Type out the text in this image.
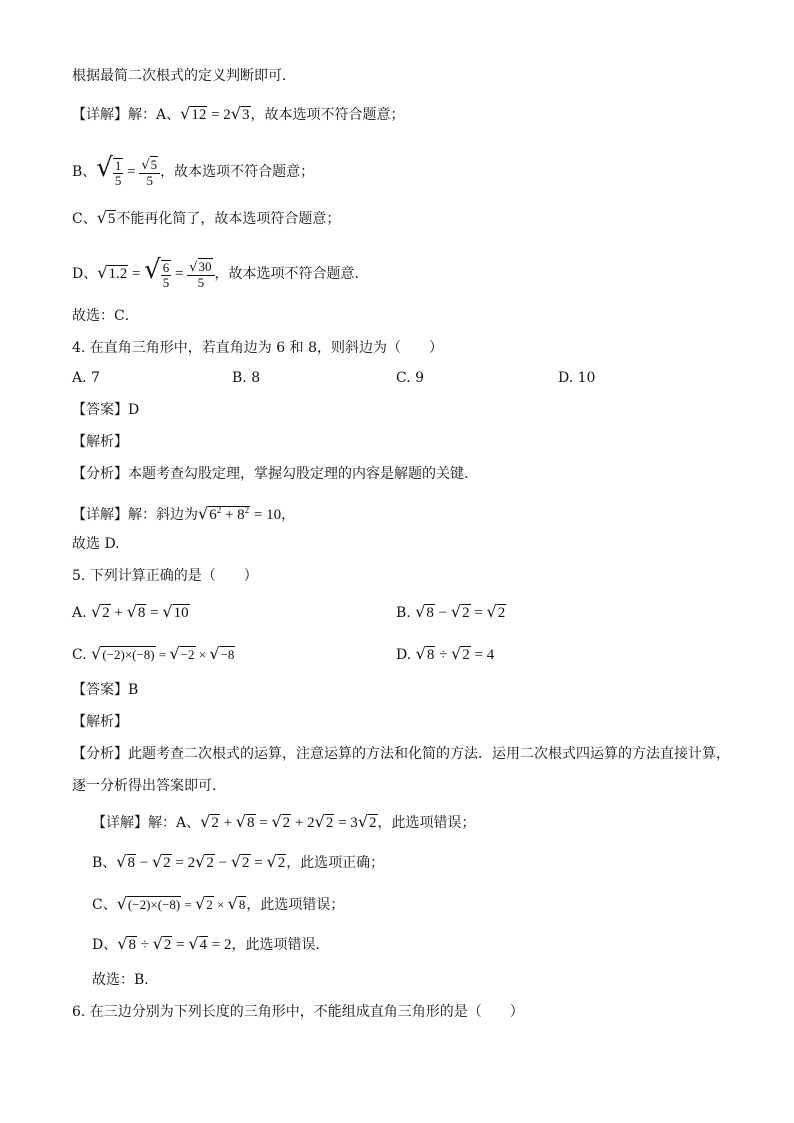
根据最简二次根式的定义判断即可．
【详解】解：A、√12 = 2√3，故本选项不符合题意；
B、√ $\frac{1}{5} = \frac{√5}{5}$ ，故本选项不符合题意；
C、√5不能再化简了，故本选项符合题意；
D、√1.2 = √ $\frac{6}{5} = \frac{√30}{5}$ ，故本选项不符合题意．
故选：C．
4. 在直角三角形中，若直角边为 6 和 8，则斜边为（　　）
A. 7	B. 8	C. 9	D. 10
【答案】D
【解析】
【分析】本题考查勾股定理，掌握勾股定理的内容是解题的关键.
【详解】解：斜边为$√6^2 + 8^2 = 10$，
故选 D.
5. 下列计算正确的是（　　）
A. √2 + √8 = √10	B. √8 − √2 = √2
C. √(−2)×(−8) = √−2 × √−8	D. √8 ÷ √2 = 4
【答案】B
【解析】
【分析】此题考查二次根式的运算，注意运算的方法和化简的方法．运用二次根式四运算的方法直接计算，
逐一分析得出答案即可．
【详解】解：A、√2 + √8 = √2 + 2√2 = 3√2，此选项错误；
B、√8 − √2 = 2√2 − √2 = √2，此选项正确；
C、√(−2)×(−8) = √2 × √8，此选项错误；
D、√8 ÷ √2 = √4 = 2，此选项错误．
故选：B．
6. 在三边分别为下列长度的三角形中，不能组成直角三角形的是（　　）
